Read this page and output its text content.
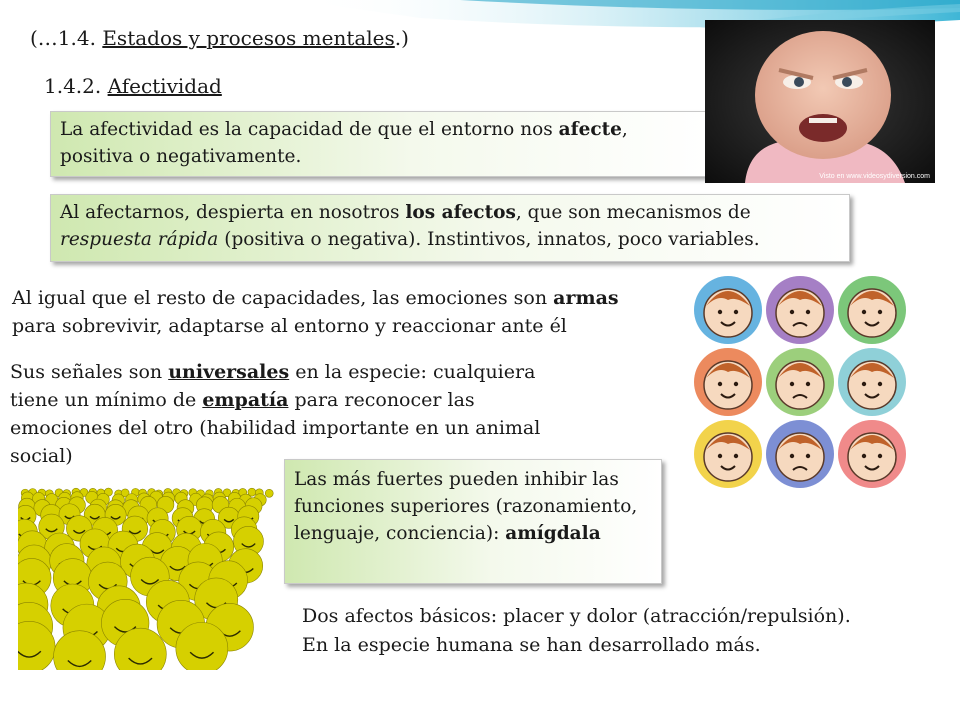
(…1.4. Estados y procesos mentales.)
1.4.2. Afectividad
La afectividad es la capacidad de que el entorno nos afecte, positiva o negativamente.
Al afectarnos, despierta en nosotros los afectos, que son mecanismos de respuesta rápida (positiva o negativa). Instintivos, innatos, poco variables.
Al igual que el resto de capacidades, las emociones son armas para sobrevivir, adaptarse al entorno y reaccionar ante él
Sus señales son universales en la especie: cualquiera tiene un mínimo de empatía para reconocer las emociones del otro (habilidad importante en un animal social)
Las más fuertes pueden inhibir las funciones superiores (razonamiento, lenguaje, conciencia): amígdala
Dos afectos básicos: placer y dolor (atracción/repulsión).
En la especie humana se han desarrollado más.
Visto en www.videosydiversion.com
